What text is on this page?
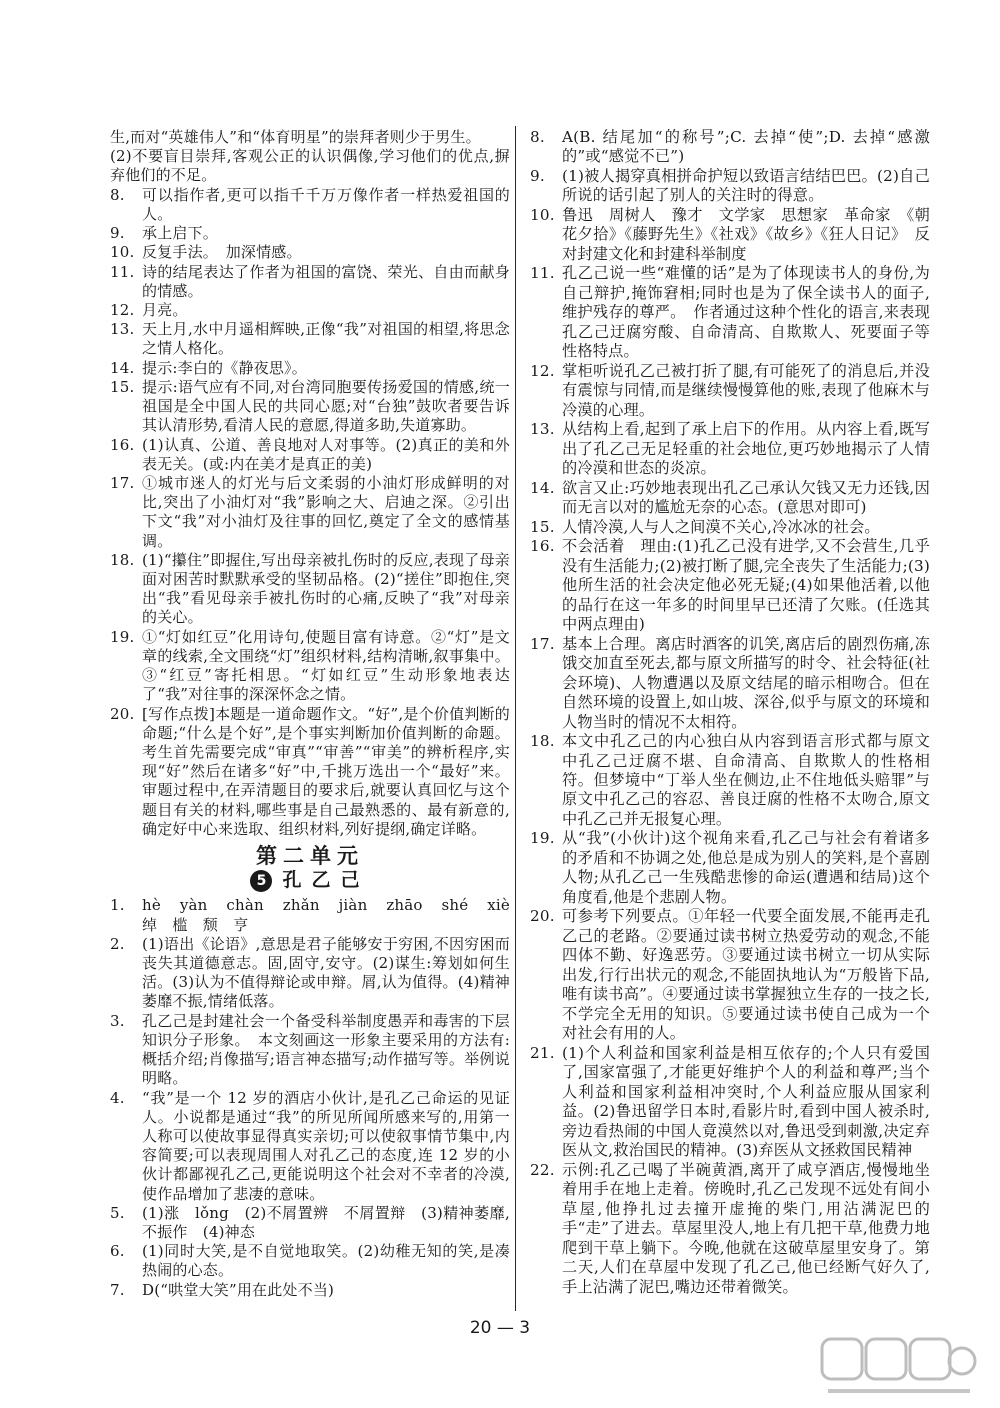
生,而对“英雄伟人”和“体育明星”的崇拜者则少于男生。
(2)不要盲目崇拜,客观公正的认识偶像,学习他们的优点,摒弃他们的不足。
8.	可以指作者,更可以指千千万万像作者一样热爱祖国的人。
9.	承上启下。
10. 反复手法。　加深情感。
11. 诗的结尾表达了作者为祖国的富饶、荣光、自由而献身的情感。
12. 月亮。
13. 天上月,水中月遥相辉映,正像“我”对祖国的相望,将思念之情人格化。
14. 提示:李白的《静夜思》。
15. 提示:语气应有不同,对台湾同胞要传扬爱国的情感,统一祖国是全中国人民的共同心愿;对“台独”鼓吹者要告诉其认清形势,看清人民的意愿,得道多助,失道寡助。
16. (1)认真、公道、善良地对人对事等。(2)真正的美和外表无关。(或:内在美才是真正的美)
17. ①城市迷人的灯光与后文柔弱的小油灯形成鲜明的对比,突出了小油灯对“我”影响之大、启迪之深。②引出下文“我”对小油灯及往事的回忆,奠定了全文的感情基调。
18. (1)“攥住”即握住,写出母亲被扎伤时的反应,表现了母亲面对困苦时默默承受的坚韧品格。(2)“搓住”即抱住,突出“我”看见母亲手被扎伤时的心痛,反映了“我”对母亲的关心。
19. ①“灯如红豆”化用诗句,使题目富有诗意。②“灯”是文章的线索,全文围绕“灯”组织材料,结构清晰,叙事集中。③“红豆”寄托相思。“灯如红豆”生动形象地表达了“我”对往事的深深怀念之情。
20. [写作点拨]本题是一道命题作文。“好”,是个价值判断的命题;“什么是个好”,是个事实判断加价值判断的命题。考生首先需要完成“审真”“审善”“审美”的辨析程序,实现“好”然后在诸多“好”中,千挑万选出一个“最好”来。审题过程中,在弄清题目的要求后,就要认真回忆与这个题目有关的材料,哪些事是自己最熟悉的、最有新意的,确定好中心来选取、组织材料,列好提纲,确定详略。
第二单元
5 孔乙己
1.	hè　yàn　chàn　zhǎn　jiàn　zhāo　shé　xiè　绰　槛　颓　亨
2.	(1)语出《论语》,意思是君子能够安于穷困,不因穷困而丧失其道德意志。固,固守,安守。(2)谋生:筹划如何生活。(3)认为不值得辩论或申辩。屑,认为值得。(4)精神萎靡不振,情绪低落。
3.	孔乙己是封建社会一个备受科举制度愚弄和毒害的下层知识分子形象。　本文刻画这一形象主要采用的方法有:概括介绍;肖像描写;语言神态描写;动作描写等。举例说明略。
4.	“我”是一个 12 岁的酒店小伙计,是孔乙己命运的见证人。小说都是通过“我”的所见所闻所感来写的,用第一人称可以使故事显得真实亲切;可以使叙事情节集中,内容简要;可以表现周围人对孔乙己的态度,连 12 岁的小伙计都鄙视孔乙己,更能说明这个社会对不幸者的冷漠,使作品增加了悲凄的意味。
5.	(1)涨　lǒng　(2)不屑置辨　不屑置辩　(3)精神萎靡,不振作　(4)神态
6.	(1)同时大笑,是不自觉地取笑。(2)幼稚无知的笑,是凑热闹的心态。
7.	D(“哄堂大笑”用在此处不当)
8.	A(B. 结尾加“的称号”;C. 去掉“使”;D. 去掉“感激的”或“感觉不已”)
9.	(1)被人揭穿真相拼命护短以致语言结结巴巴。(2)自己所说的话引起了别人的关注时的得意。
10. 鲁迅　周树人　豫才　文学家　思想家　革命家　《朝花夕拾》《藤野先生》《社戏》《故乡》《狂人日记》　反对封建文化和封建科举制度
11. 孔乙己说一些“难懂的话”是为了体现读书人的身份,为自己辩护,掩饰窘相;同时也是为了保全读书人的面子,维护残存的尊严。　作者通过这种个性化的语言,来表现孔乙己迂腐穷酸、自命清高、自欺欺人、死要面子等性格特点。
12. 掌柜听说孔乙己被打折了腿,有可能死了的消息后,并没有震惊与同情,而是继续慢慢算他的账,表现了他麻木与冷漠的心理。
13. 从结构上看,起到了承上启下的作用。从内容上看,既写出了孔乙己无足轻重的社会地位,更巧妙地揭示了人情的冷漠和世态的炎凉。
14. 欲言又止:巧妙地表现出孔乙己承认欠钱又无力还钱,因而无言以对的尴尬无奈的心态。(意思对即可)
15. 人情冷漠,人与人之间漠不关心,冷冰冰的社会。
16. 不会活着　理由:(1)孔乙己没有进学,又不会营生,几乎没有生活能力;(2)被打断了腿,完全丧失了生活能力;(3)他所生活的社会决定他必死无疑;(4)如果他活着,以他的品行在这一年多的时间里早已还清了欠账。(任选其中两点理由)
17. 基本上合理。离店时酒客的讥笑,离店后的剧烈伤痛,冻饿交加直至死去,都与原文所描写的时令、社会特征(社会环境)、人物遭遇以及原文结尾的暗示相吻合。但在自然环境的设置上,如山坡、深谷,似乎与原文的环境和人物当时的情况不太相符。
18. 本文中孔乙己的内心独白从内容到语言形式都与原文中孔乙己迂腐不堪、自命清高、自欺欺人的性格相符。但梦境中“丁举人坐在侧边,止不住地低头赔罪”与原文中孔乙己的容忍、善良迂腐的性格不太吻合,原文中孔乙己并无报复心理。
19. 从“我”(小伙计)这个视角来看,孔乙己与社会有着诸多的矛盾和不协调之处,他总是成为别人的笑料,是个喜剧人物;从孔乙己一生残酷悲惨的命运(遭遇和结局)这个角度看,他是个悲剧人物。
20. 可参考下列要点。①年轻一代要全面发展,不能再走孔乙己的老路。②要通过读书树立热爱劳动的观念,不能四体不勤、好逸恶劳。③要通过读书树立一切从实际出发,行行出状元的观念,不能固执地认为“万般皆下品,唯有读书高”。④要通过读书掌握独立生存的一技之长,不学完全无用的知识。⑤要通过读书使自己成为一个对社会有用的人。
21. (1)个人利益和国家利益是相互依存的;个人只有爱国了,国家富强了,才能更好维护个人的利益和尊严;当个人利益和国家利益相冲突时,个人利益应服从国家利益。(2)鲁迅留学日本时,看影片时,看到中国人被杀时,旁边看热闹的中国人竟漠然以对,鲁迅受到刺激,决定弃医从文,救治国民的精神。(3)弃医从文拯救国民精神
22. 示例:孔乙己喝了半碗黄酒,离开了咸亨酒店,慢慢地坐着用手在地上走着。傍晚时,孔乙己发现不远处有间小草屋,他挣扎过去撞开虚掩的柴门,用沾满泥巴的手“走”了进去。草屋里没人,地上有几把干草,他费力地爬到干草上躺下。今晚,他就在这破草屋里安身了。第二天,人们在草屋中发现了孔乙己,他已经断气好久了,手上沾满了泥巴,嘴边还带着微笑。
20 — 3
